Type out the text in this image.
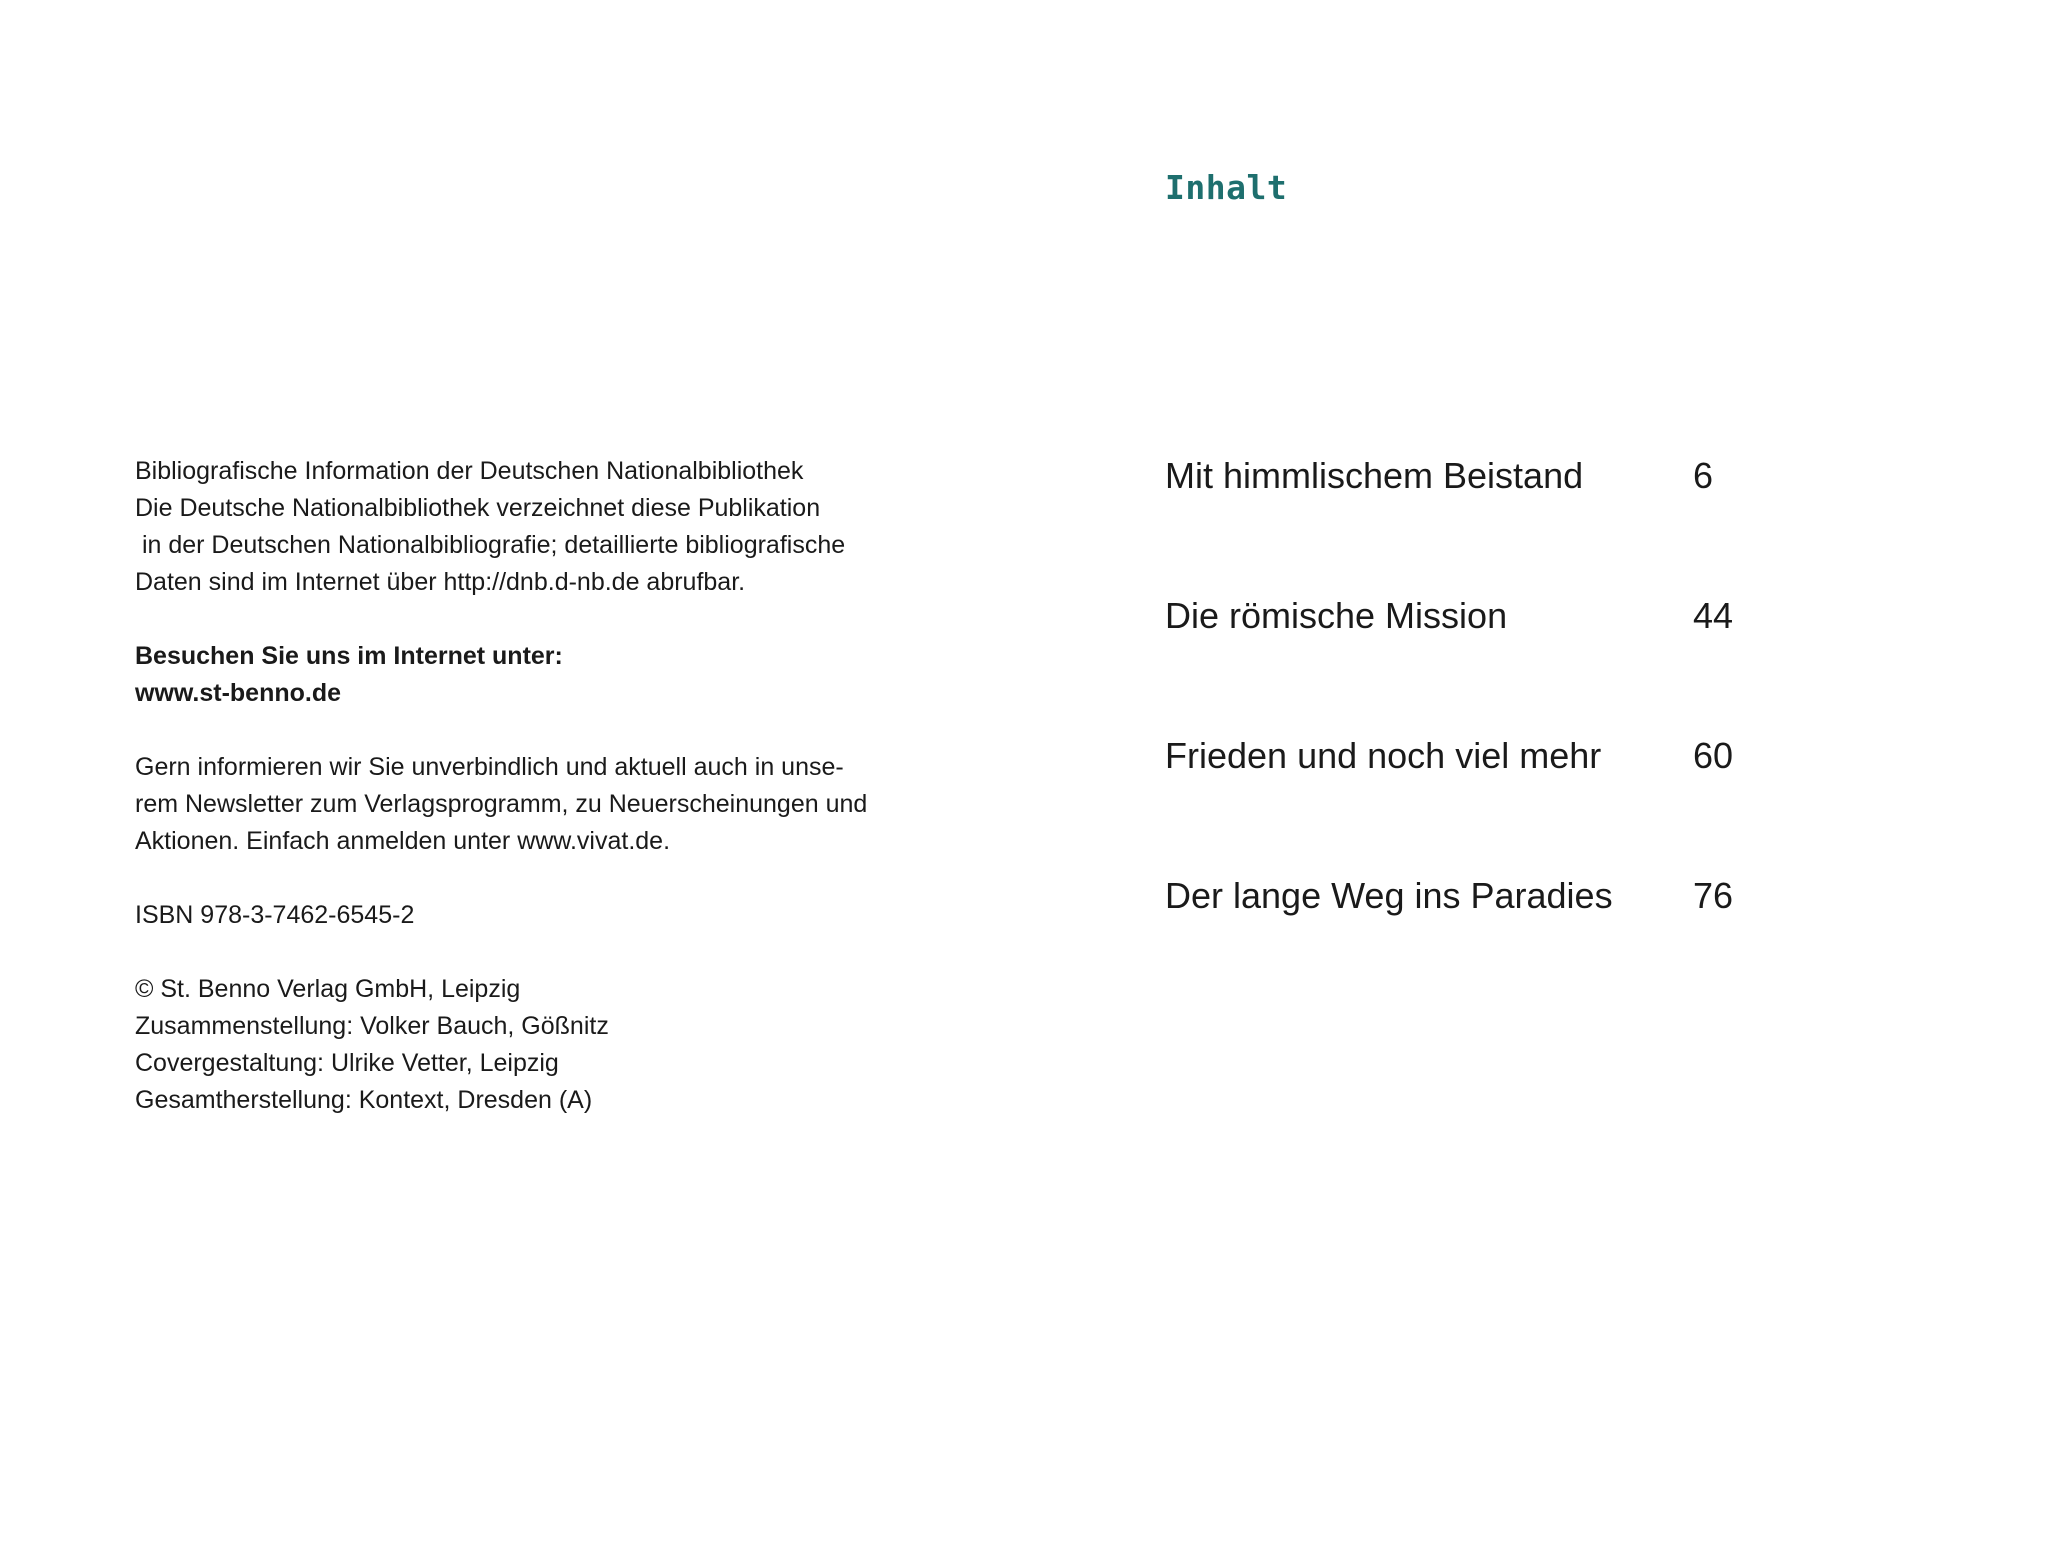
Bibliografische Information der Deutschen Nationalbibliothek
Die Deutsche Nationalbibliothek verzeichnet diese Publikation
in der Deutschen Nationalbibliografie; detaillierte bibliografische
Daten sind im Internet über http://dnb.d-nb.de abrufbar.
Besuchen Sie uns im Internet unter:
www.st-benno.de
Gern informieren wir Sie unverbindlich und aktuell auch in unse-
rem Newsletter zum Verlagsprogramm, zu Neuerscheinungen und
Aktionen. Einfach anmelden unter www.vivat.de.
ISBN 978-3-7462-6545-2
© St. Benno Verlag GmbH, Leipzig
Zusammenstellung: Volker Bauch, Gößnitz
Covergestaltung: Ulrike Vetter, Leipzig
Gesamtherstellung: Kontext, Dresden (A)
Inhalt
Mit himmlischem Beistand	6
Die römische Mission	44
Frieden und noch viel mehr	60
Der lange Weg ins Paradies 76
